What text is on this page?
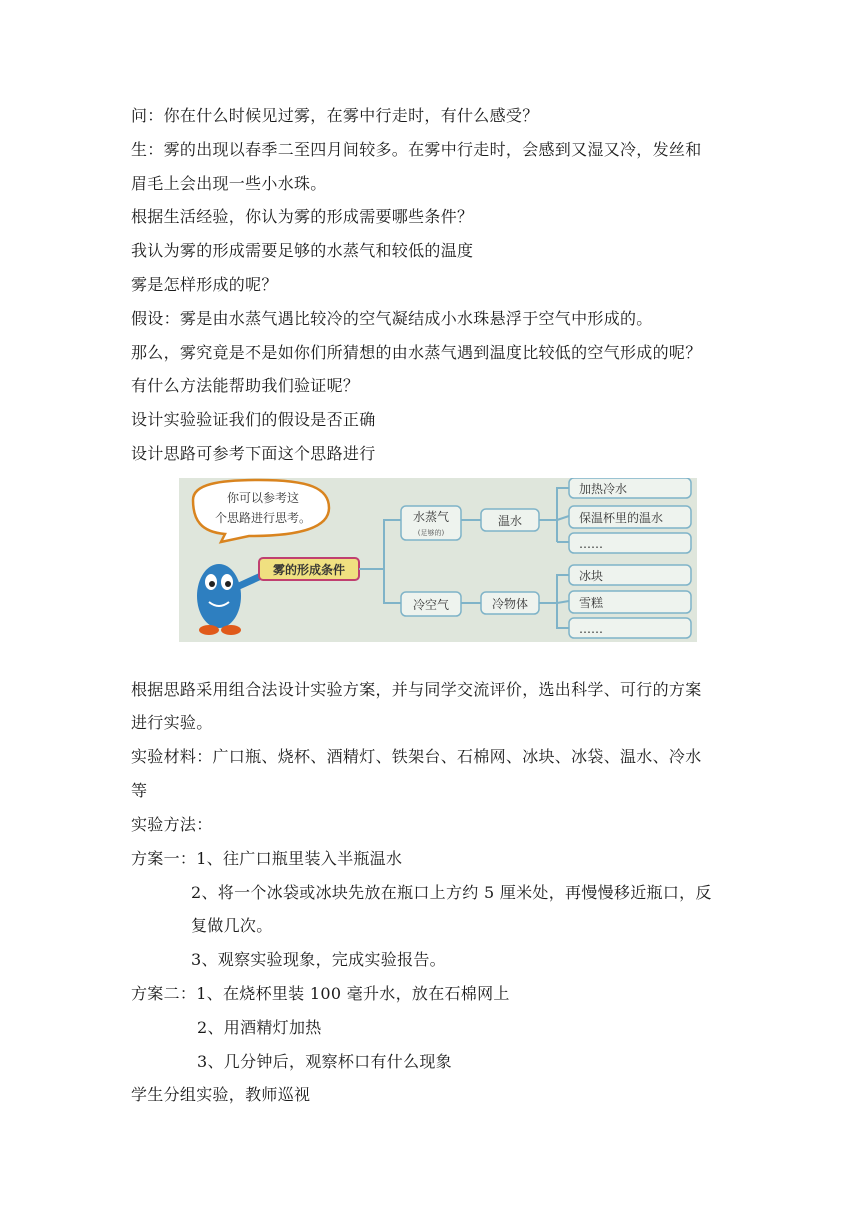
问：你在什么时候见过雾，在雾中行走时，有什么感受？
生：雾的出现以春季二至四月间较多。在雾中行走时，会感到又湿又冷，发丝和
眉毛上会出现一些小水珠。
根据生活经验，你认为雾的形成需要哪些条件？
我认为雾的形成需要足够的水蒸气和较低的温度
雾是怎样形成的呢？
假设：雾是由水蒸气遇比较冷的空气凝结成小水珠悬浮于空气中形成的。
那么，雾究竟是不是如你们所猜想的由水蒸气遇到温度比较低的空气形成的呢？
有什么方法能帮助我们验证呢？
设计实验验证我们的假设是否正确
设计思路可参考下面这个思路进行
你可以参考这
个思路进行思考。
雾的形成条件
水蒸气
(足够的)
冷空气
温水
冷物体
加热冷水
保温杯里的温水
……
冰块
雪糕
……
根据思路采用组合法设计实验方案，并与同学交流评价，选出科学、可行的方案
进行实验。
实验材料：广口瓶、烧杯、酒精灯、铁架台、石棉网、冰块、冰袋、温水、冷水
等
实验方法：
方案一：1、往广口瓶里装入半瓶温水
2、将一个冰袋或冰块先放在瓶口上方约 5 厘米处，再慢慢移近瓶口，反
复做几次。
3、观察实验现象，完成实验报告。
方案二：1、在烧杯里装 100 毫升水，放在石棉网上
2、用酒精灯加热
3、几分钟后，观察杯口有什么现象
学生分组实验，教师巡视
